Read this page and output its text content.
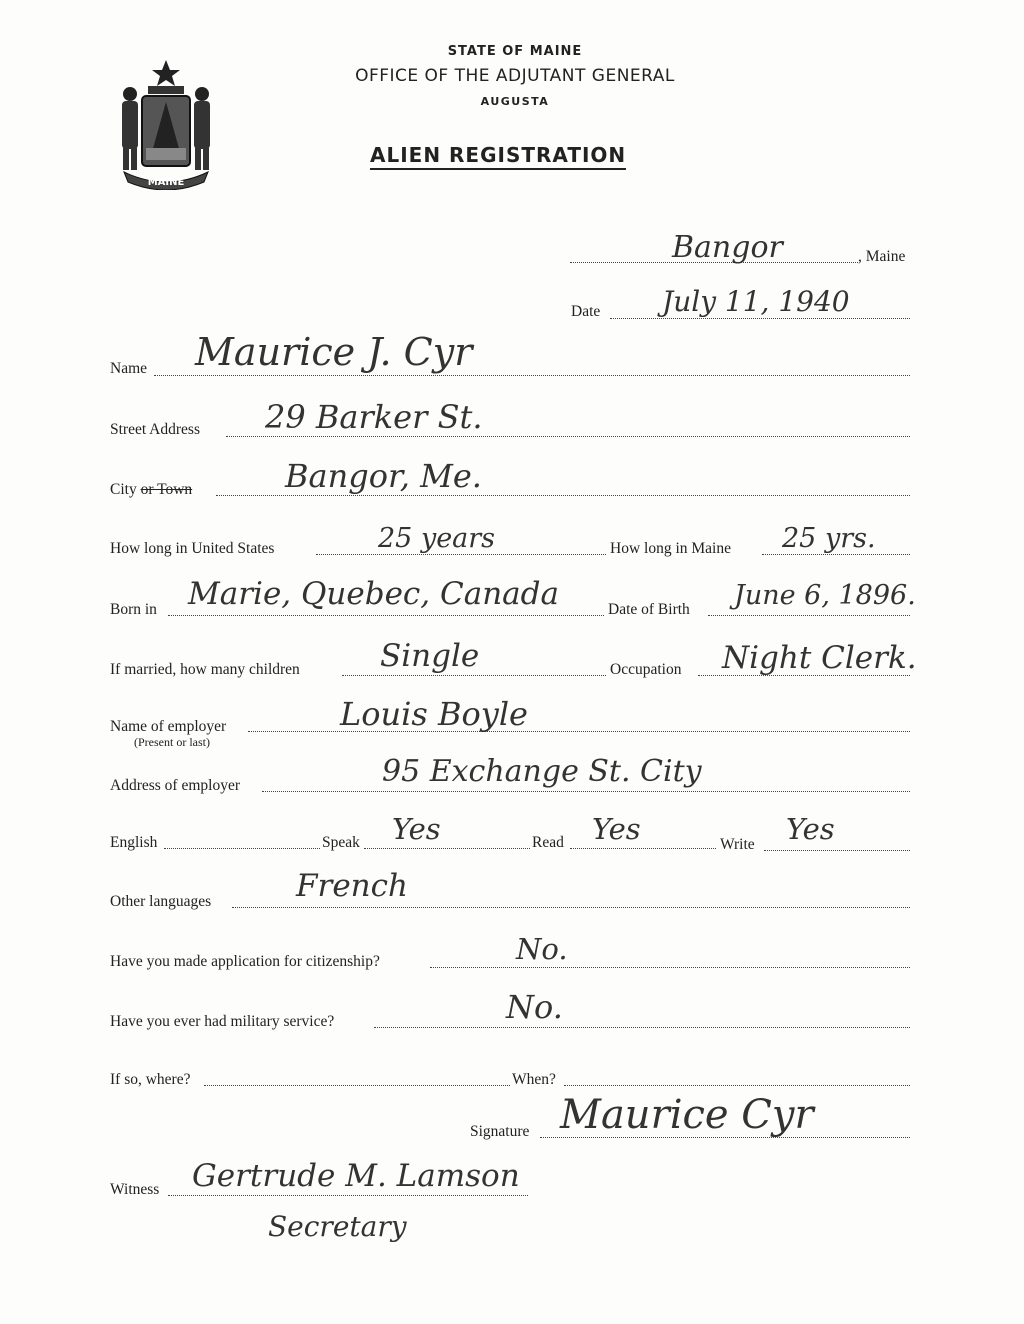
MAINE
STATE OF MAINE
OFFICE OF THE ADJUTANT GENERAL
AUGUSTA
ALIEN REGISTRATION
Bangor	, Maine
Date July 11, 1940
Name Maurice J. Cyr
Street Address 29 Barker St.
City or Town	Bangor, Me.
How long in United States	25 years	How long in Maine 25 yrs.
Born in Marie, Quebec, Canada	Date of Birth June 6, 1896.
If married, how many children	Single	Occupation Night Clerk.
Name of employer
(Present or last)
Louis Boyle
Address of employer	95 Exchange St. City
English	Speak Yes	Read Yes	Write Yes
Other languages	French
Have you made application for citizenship?	No.
Have you ever had military service?	No.
If so, where?	When?
Signature Maurice Cyr
Witness Gertrude M. Lamson
Secretary
